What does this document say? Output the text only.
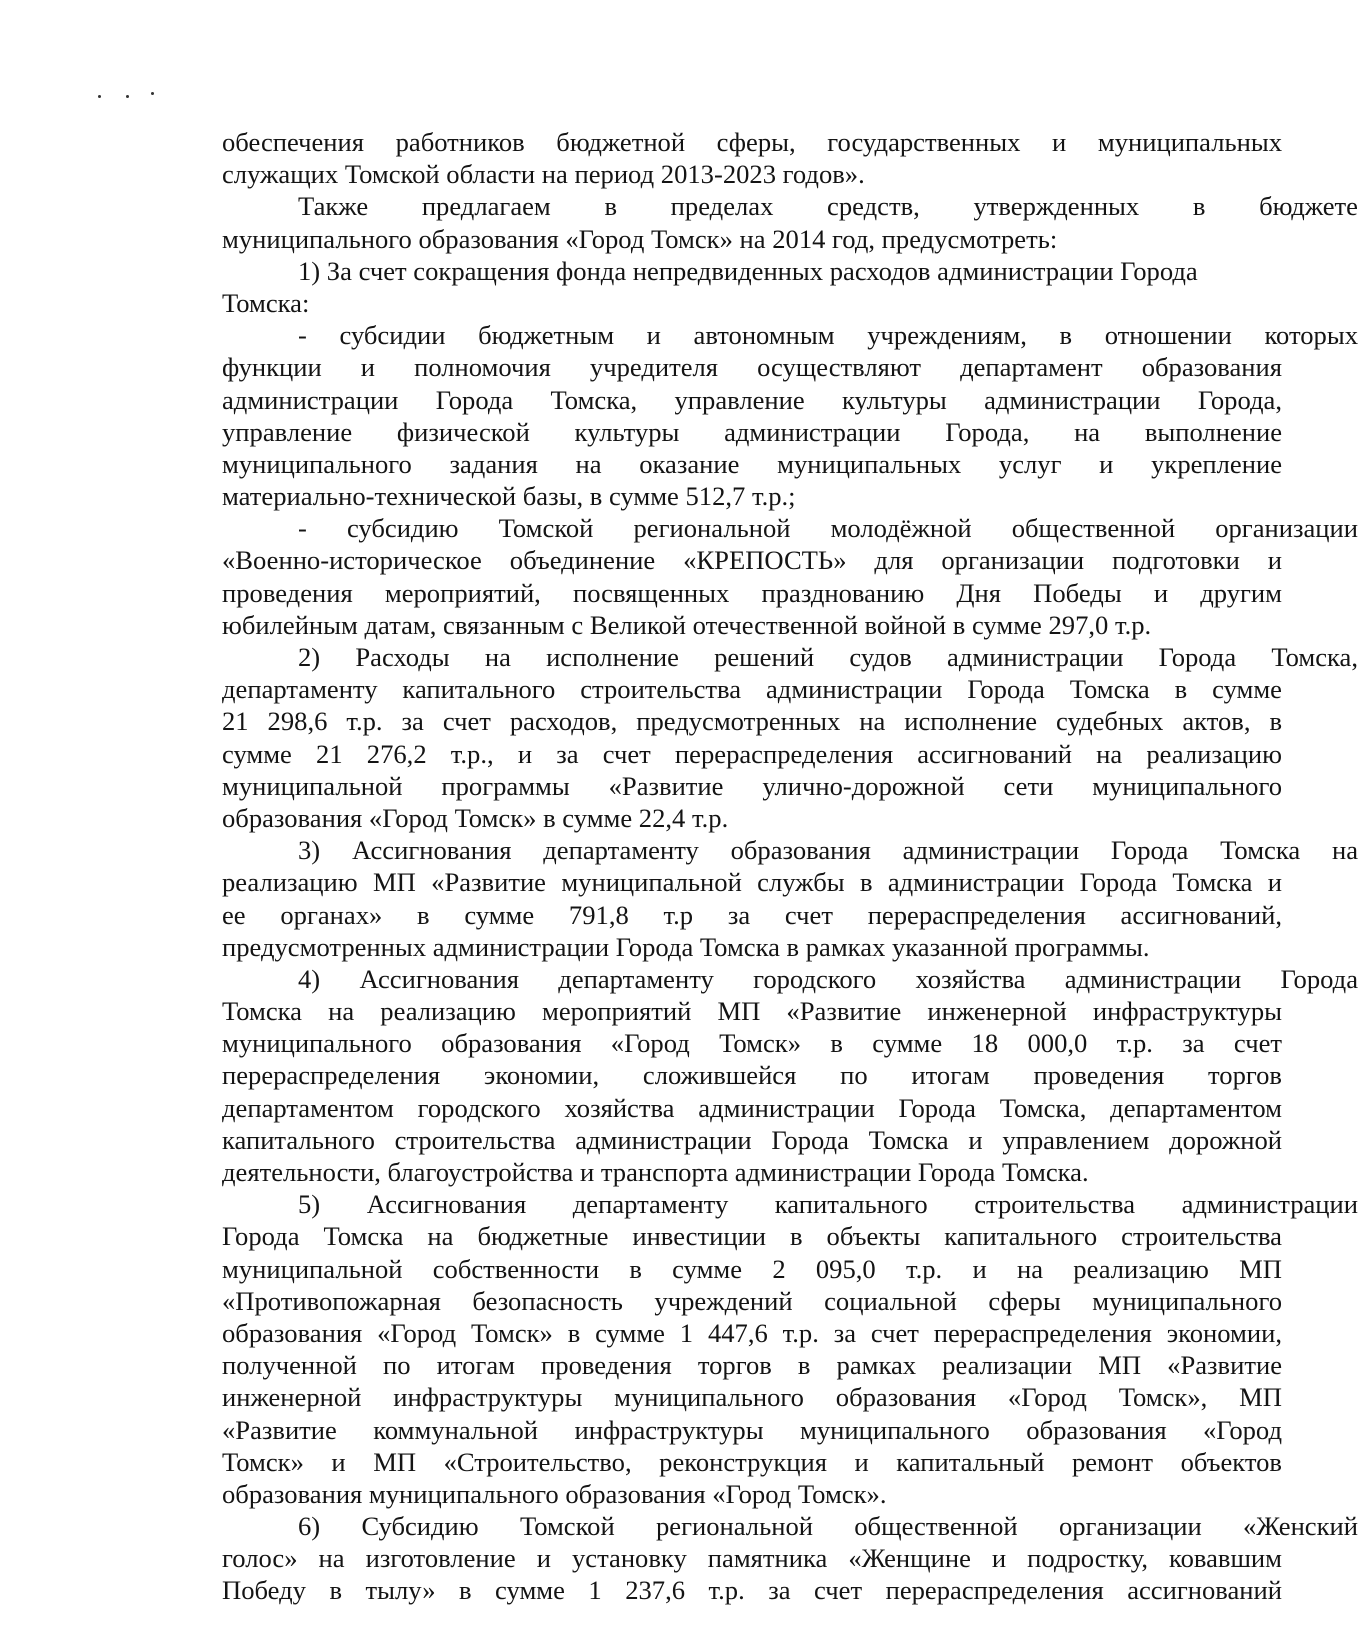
обеспечения работников бюджетной сферы, государственных и муниципальных
служащих Томской области на период 2013-2023 годов».
Также предлагаем в пределах средств, утвержденных в бюджете
муниципального образования «Город Томск» на 2014 год, предусмотреть:
1) За счет сокращения фонда непредвиденных расходов администрации Города
Томска:
- субсидии бюджетным и автономным учреждениям, в отношении которых
функции и полномочия учредителя осуществляют департамент образования
администрации Города Томска, управление культуры администрации Города,
управление физической культуры администрации Города, на выполнение
муниципального задания на оказание муниципальных услуг и укрепление
материально-технической базы, в сумме 512,7 т.р.;
- субсидию Томской региональной молодёжной общественной организации
«Военно-историческое объединение «КРЕПОСТЬ» для организации подготовки и
проведения мероприятий, посвященных празднованию Дня Победы и другим
юбилейным датам, связанным с Великой отечественной войной в сумме 297,0 т.р.
2) Расходы на исполнение решений судов администрации Города Томска,
департаменту капитального строительства администрации Города Томска в сумме
21 298,6 т.р. за счет расходов, предусмотренных на исполнение судебных актов, в
сумме 21 276,2 т.р., и за счет перераспределения ассигнований на реализацию
муниципальной программы «Развитие улично-дорожной сети муниципального
образования «Город Томск» в сумме 22,4 т.р.
3) Ассигнования департаменту образования администрации Города Томска на
реализацию МП «Развитие муниципальной службы в администрации Города Томска и
ее органах» в сумме 791,8 т.р за счет перераспределения ассигнований,
предусмотренных администрации Города Томска в рамках указанной программы.
4) Ассигнования департаменту городского хозяйства администрации Города
Томска на реализацию мероприятий МП «Развитие инженерной инфраструктуры
муниципального образования «Город Томск» в сумме 18 000,0 т.р. за счет
перераспределения экономии, сложившейся по итогам проведения торгов
департаментом городского хозяйства администрации Города Томска, департаментом
капитального строительства администрации Города Томска и управлением дорожной
деятельности, благоустройства и транспорта администрации Города Томска.
5) Ассигнования департаменту капитального строительства администрации
Города Томска на бюджетные инвестиции в объекты капитального строительства
муниципальной собственности в сумме 2 095,0 т.р. и на реализацию МП
«Противопожарная безопасность учреждений социальной сферы муниципального
образования «Город Томск» в сумме 1 447,6 т.р. за счет перераспределения экономии,
полученной по итогам проведения торгов в рамках реализации МП «Развитие
инженерной инфраструктуры муниципального образования «Город Томск», МП
«Развитие коммунальной инфраструктуры муниципального образования «Город
Томск» и МП «Строительство, реконструкция и капитальный ремонт объектов
образования муниципального образования «Город Томск».
6) Субсидию Томской региональной общественной организации «Женский
голос» на изготовление и установку памятника «Женщине и подростку, ковавшим
Победу в тылу» в сумме 1 237,6 т.р. за счет перераспределения ассигнований
